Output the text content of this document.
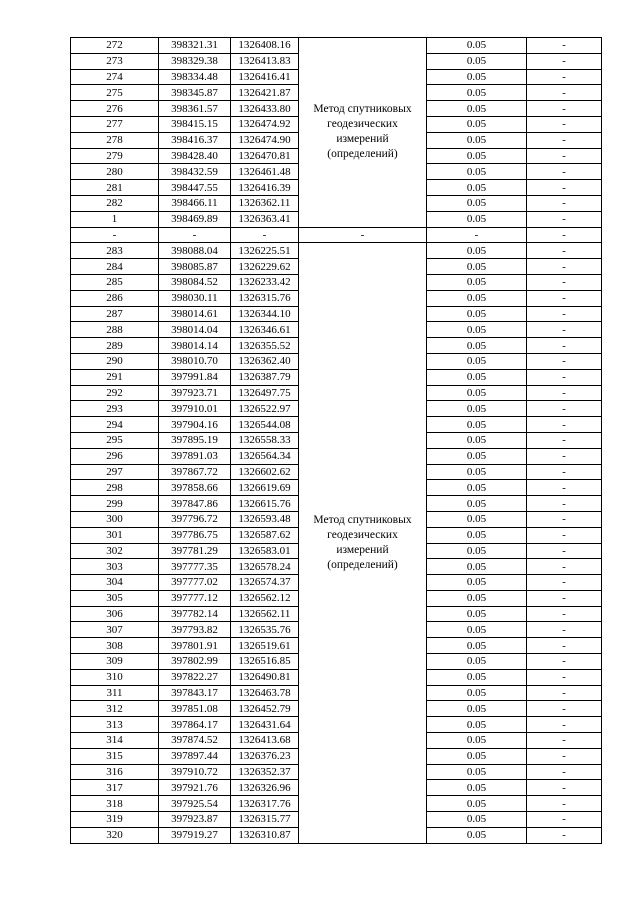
272	398321.31	1326408.16	Метод спутниковых
геодезических
измерений
(определений)	0.05	-
273	398329.38	1326413.83		0.05	-
274	398334.48	1326416.41		0.05	-
275	398345.87	1326421.87		0.05	-
276	398361.57	1326433.80		0.05	-
277	398415.15	1326474.92		0.05	-
278	398416.37	1326474.90		0.05	-
279	398428.40	1326470.81		0.05	-
280	398432.59	1326461.48		0.05	-
281	398447.55	1326416.39		0.05	-
282	398466.11	1326362.11		0.05	-
1	398469.89	1326363.41		0.05	-
-	-	-	-	-	-
283	398088.04	1326225.51	Метод спутниковых
геодезических
измерений
(определений)	0.05	-
284	398085.87	1326229.62		0.05	-
285	398084.52	1326233.42		0.05	-
286	398030.11	1326315.76		0.05	-
287	398014.61	1326344.10		0.05	-
288	398014.04	1326346.61		0.05	-
289	398014.14	1326355.52		0.05	-
290	398010.70	1326362.40		0.05	-
291	397991.84	1326387.79		0.05	-
292	397923.71	1326497.75		0.05	-
293	397910.01	1326522.97		0.05	-
294	397904.16	1326544.08		0.05	-
295	397895.19	1326558.33		0.05	-
296	397891.03	1326564.34		0.05	-
297	397867.72	1326602.62		0.05	-
298	397858.66	1326619.69		0.05	-
299	397847.86	1326615.76		0.05	-
300	397796.72	1326593.48		0.05	-
301	397786.75	1326587.62		0.05	-
302	397781.29	1326583.01		0.05	-
303	397777.35	1326578.24		0.05	-
304	397777.02	1326574.37		0.05	-
305	397777.12	1326562.12		0.05	-
306	397782.14	1326562.11		0.05	-
307	397793.82	1326535.76		0.05	-
308	397801.91	1326519.61		0.05	-
309	397802.99	1326516.85		0.05	-
310	397822.27	1326490.81		0.05	-
311	397843.17	1326463.78		0.05	-
312	397851.08	1326452.79		0.05	-
313	397864.17	1326431.64		0.05	-
314	397874.52	1326413.68		0.05	-
315	397897.44	1326376.23		0.05	-
316	397910.72	1326352.37		0.05	-
317	397921.76	1326326.96		0.05	-
318	397925.54	1326317.76		0.05	-
319	397923.87	1326315.77		0.05	-
320	397919.27	1326310.87		0.05	-
